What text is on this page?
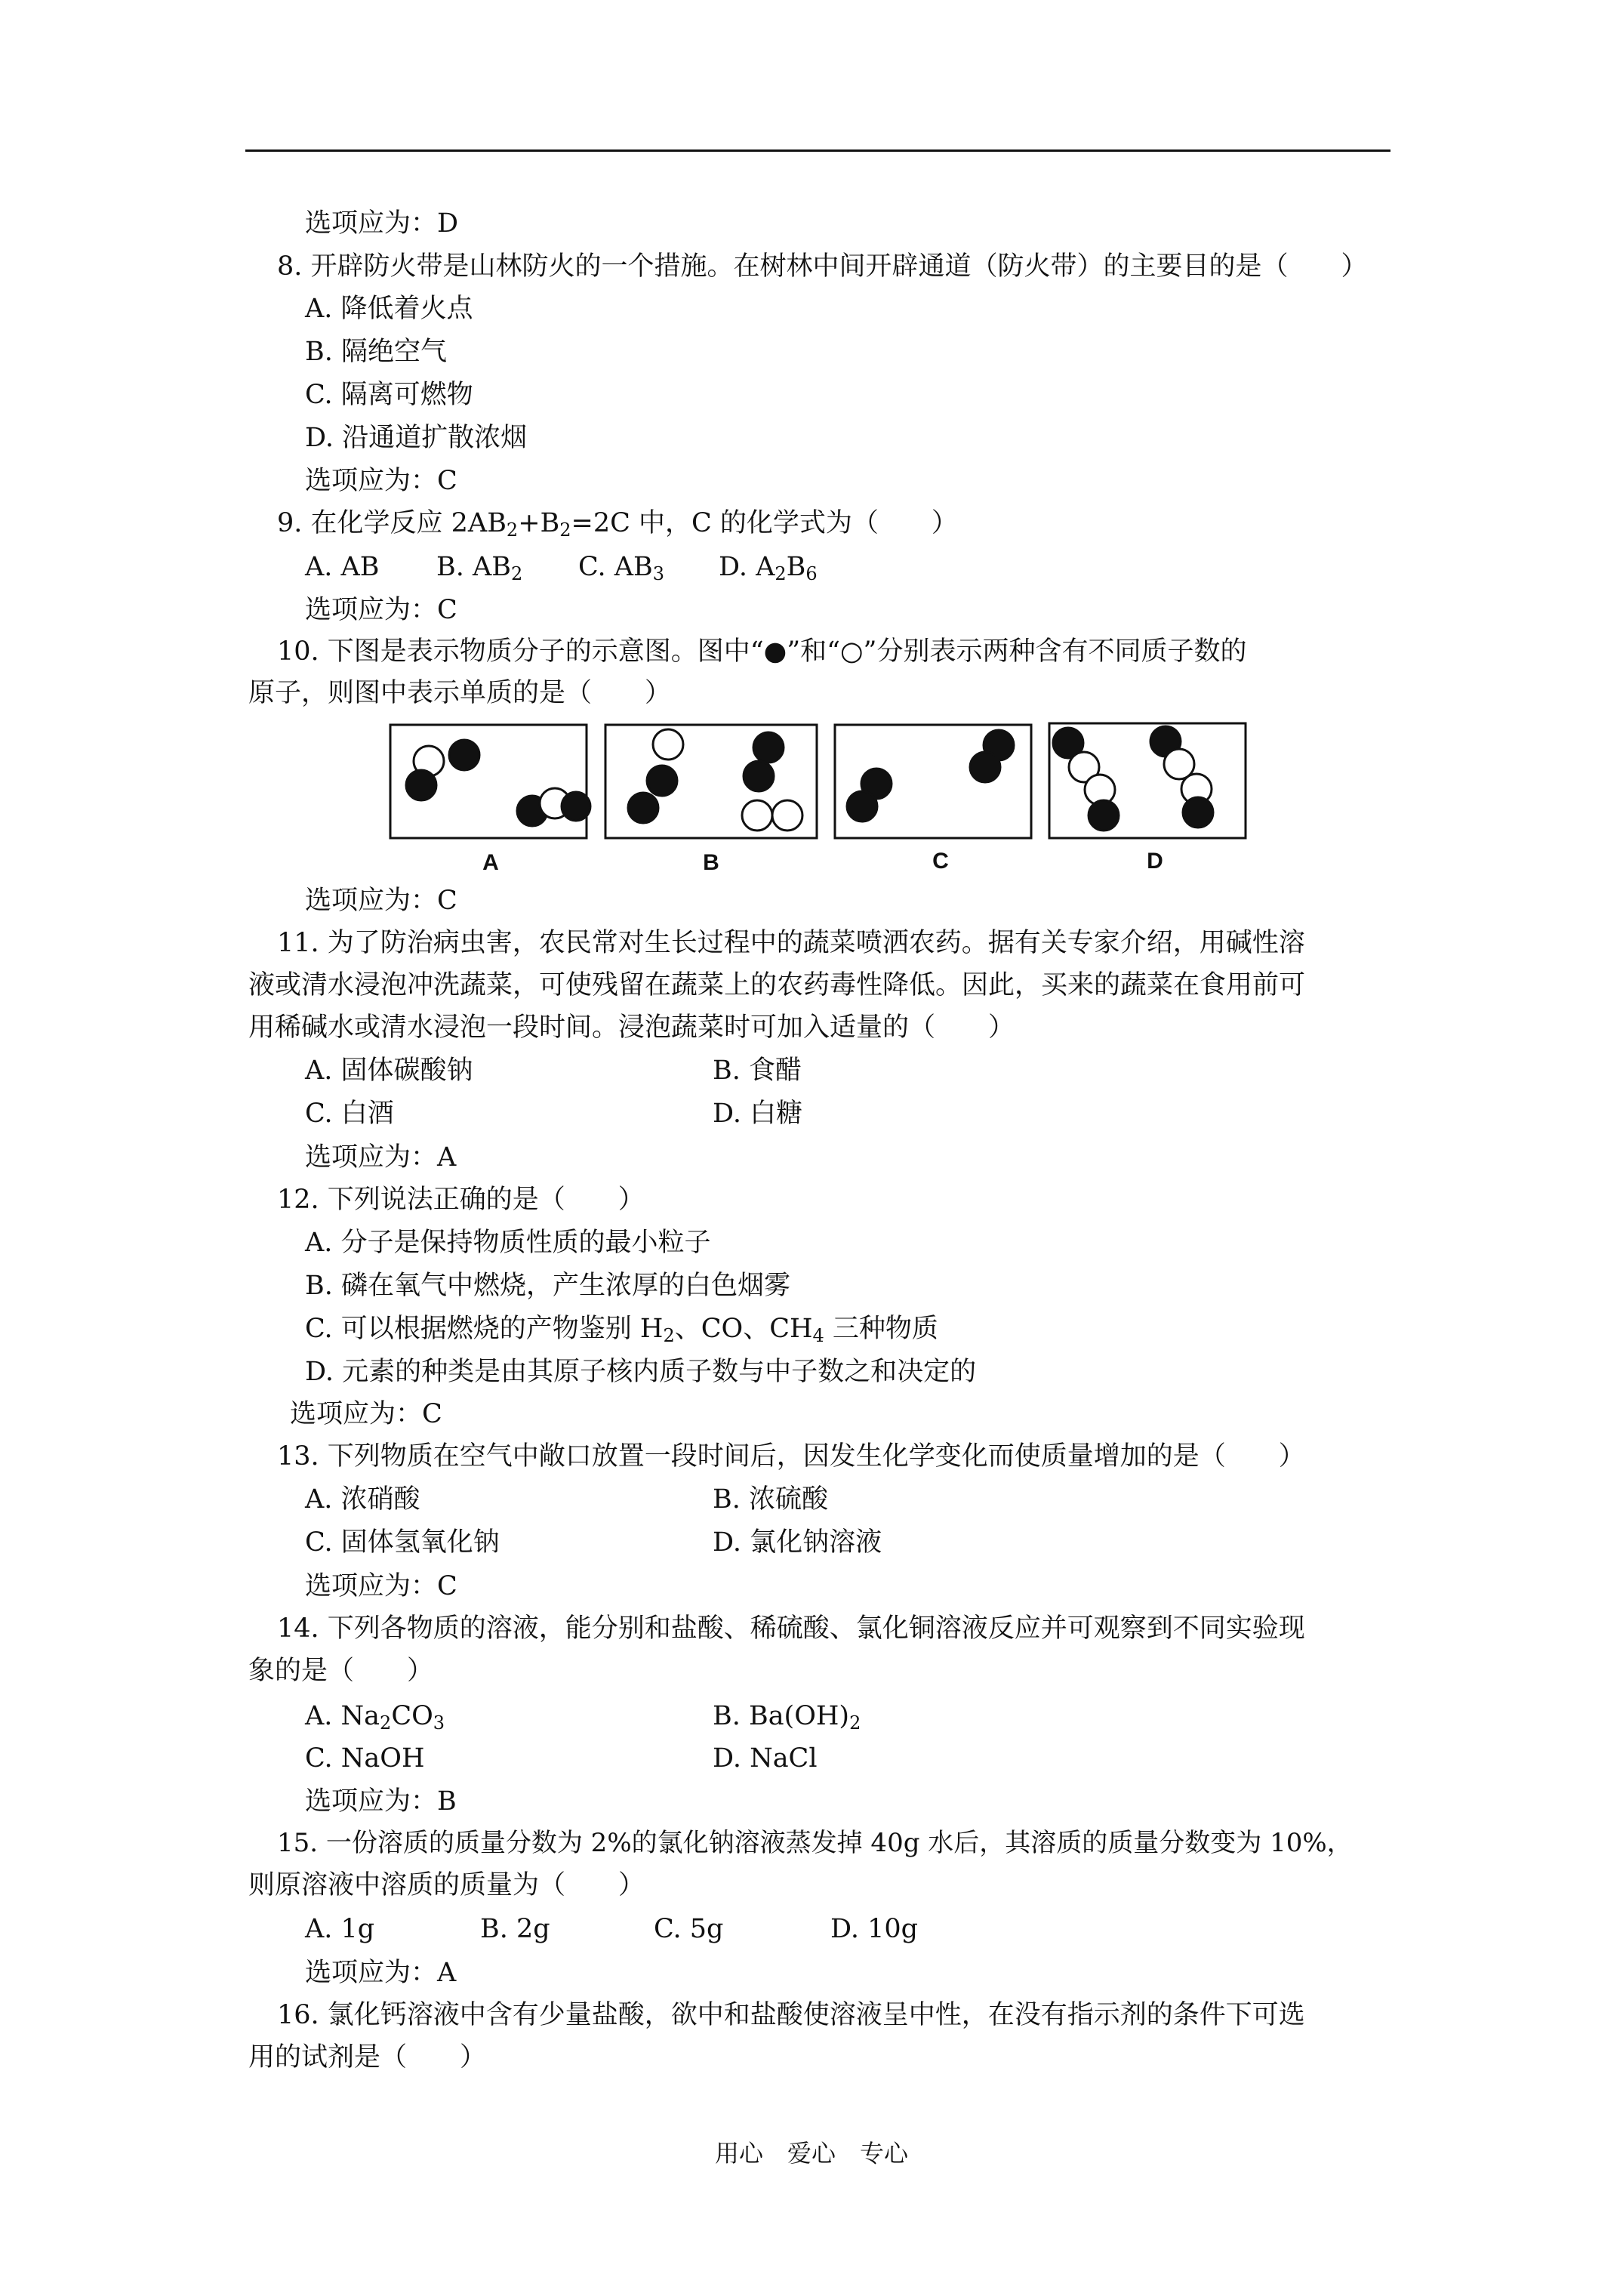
选项应为：D
8. 开辟防火带是山林防火的一个措施。在树林中间开辟通道（防火带）的主要目的是（　　）
A. 降低着火点
B. 隔绝空气
C. 隔离可燃物
D. 沿通道扩散浓烟
选项应为：C
9. 在化学反应 $2AB_2+B_2=2C$ 中，C 的化学式为（　　）
A. AB B. $AB_2$ C. $AB_3$ D. $A_2B_6$
选项应为：C
10. 下图是表示物质分子的示意图。图中“●”和“○”分别表示两种含有不同质子数的
原子，则图中表示单质的是（　　）
A	B	C	D
选项应为：C
11. 为了防治病虫害，农民常对生长过程中的蔬菜喷洒农药。据有关专家介绍，用碱性溶
液或清水浸泡冲洗蔬菜，可使残留在蔬菜上的农药毒性降低。因此，买来的蔬菜在食用前可
用稀碱水或清水浸泡一段时间。浸泡蔬菜时可加入适量的（　　）
A. 固体碳酸钠	B. 食醋
C. 白酒	D. 白糖
选项应为：A
12. 下列说法正确的是（　　）
A. 分子是保持物质性质的最小粒子
B. 磷在氧气中燃烧，产生浓厚的白色烟雾
C. 可以根据燃烧的产物鉴别 $H_2$、CO、$CH_4$ 三种物质
D. 元素的种类是由其原子核内质子数与中子数之和决定的
选项应为：C
13. 下列物质在空气中敞口放置一段时间后，因发生化学变化而使质量增加的是（　　）
A. 浓硝酸	B. 浓硫酸
C. 固体氢氧化钠	D. 氯化钠溶液
选项应为：C
14. 下列各物质的溶液，能分别和盐酸、稀硫酸、氯化铜溶液反应并可观察到不同实验现
象的是（　　）
A. $Na_2CO_3$	B. $Ba(OH)_2$
C. NaOH	D. NaCl
选项应为：B
15. 一份溶质的质量分数为 2%的氯化钠溶液蒸发掉 40g 水后，其溶质的质量分数变为 10%，
则原溶液中溶质的质量为（　　）
A. 1g	B. 2g	C. 5g	D. 10g
选项应为：A
16. 氯化钙溶液中含有少量盐酸，欲中和盐酸使溶液呈中性，在没有指示剂的条件下可选
用的试剂是（　　）
用心　爱心　专心
